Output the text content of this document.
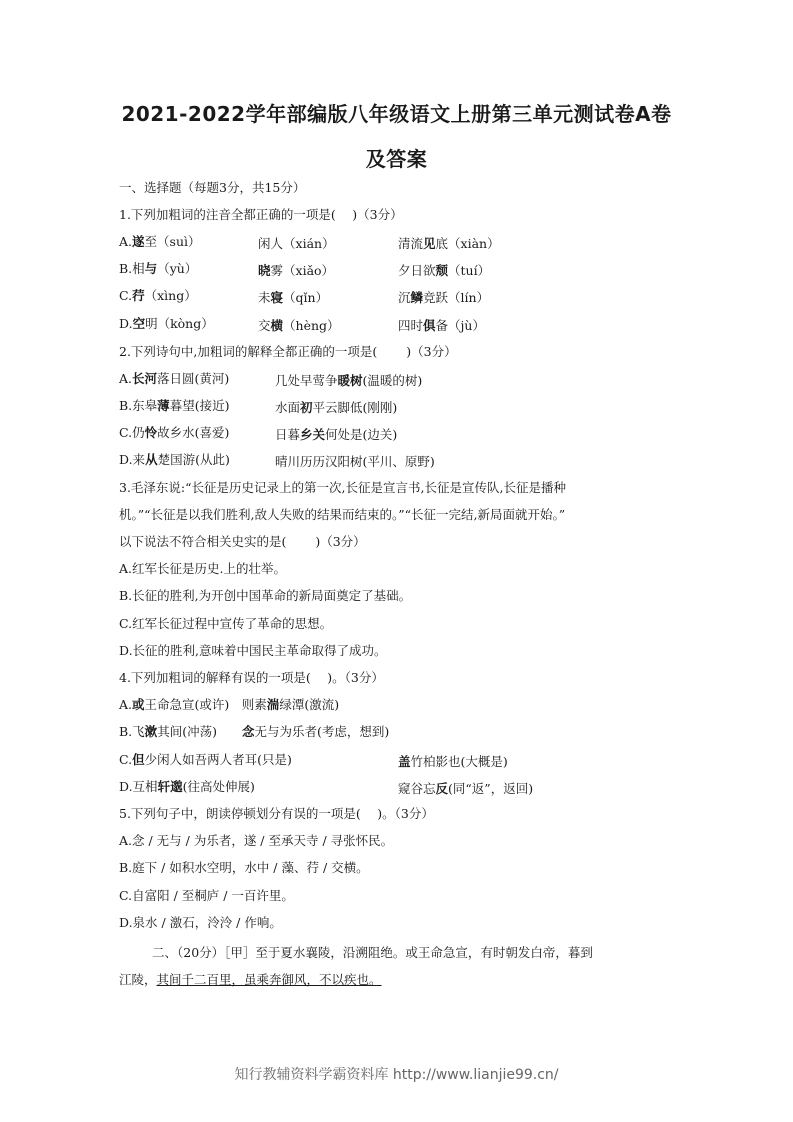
2021-2022学年部编版八年级语文上册第三单元测试卷A卷
及答案
一、选择题（每题3分，共15分）
1.下列加粗词的注音全都正确的一项是(　 )（3分）
A.遂至（suì）	闲人（xián）	清流见底（xiàn）
B.相与（yù）	晓雾（xiǎo）	夕日欲颓（tuí）
C.荇（xìng）	未寝（qǐn）	沉鳞竞跃（lín）
D.空明（kòng）	交横（hèng）	四时俱备（jù）
2.下列诗句中,加粗词的解释全都正确的一项是(　　 )（3分）
A.长河落日圆(黄河)	几处早莺争暖树(温暖的树)
B.东皋薄暮望(接近)	水面初平云脚低(刚刚)
C.仍怜故乡水(喜爱)	日暮乡关何处是(边关)
D.来从楚国游(从此)	晴川历历汉阳树(平川、原野)
3.毛泽东说:“长征是历史记录上的第一次,长征是宣言书,长征是宣传队,长征是播种
机。”“长征是以我们胜利,敌人失败的结果而结束的。”“长征一完结,新局面就开始。”
以下说法不符合相关史实的是(　　 )（3分）
A.红军长征是历史.上的壮举。
B.长征的胜利,为开创中国革命的新局面奠定了基础。
C.红军长征过程中宣传了革命的思想。
D.长征的胜利,意味着中国民主革命取得了成功。
4.下列加粗词的解释有误的一项是(　 )。（3分）
A.或王命急宣(或许)　则素湍绿潭(激流)
B.飞漱其间(冲荡)　　念无与为乐者(考虑，想到)
C.但少闲人如吾两人者耳(只是)	盖竹柏影也(大概是)
D.互相轩邈(往高处伸展)	窥谷忘反(同“返”，返回)
5.下列句子中，朗读停顿划分有误的一项是(　 )。（3分）
A.念 / 无与 / 为乐者，遂 / 至承天寺 / 寻张怀民。
B.庭下 / 如积水空明，水中 / 藻、荇 / 交横。
C.自富阳 / 至桐庐 / 一百许里。
D.泉水 / 激石，泠泠 / 作响。
二、（20分）［甲］至于夏水襄陵，沿溯阻绝。或王命急宣，有时朝发白帝，暮到
江陵，其间千二百里，虽乘奔御风，不以疾也。
知行教辅资料学霸资料库 http://www.lianjie99.cn/
